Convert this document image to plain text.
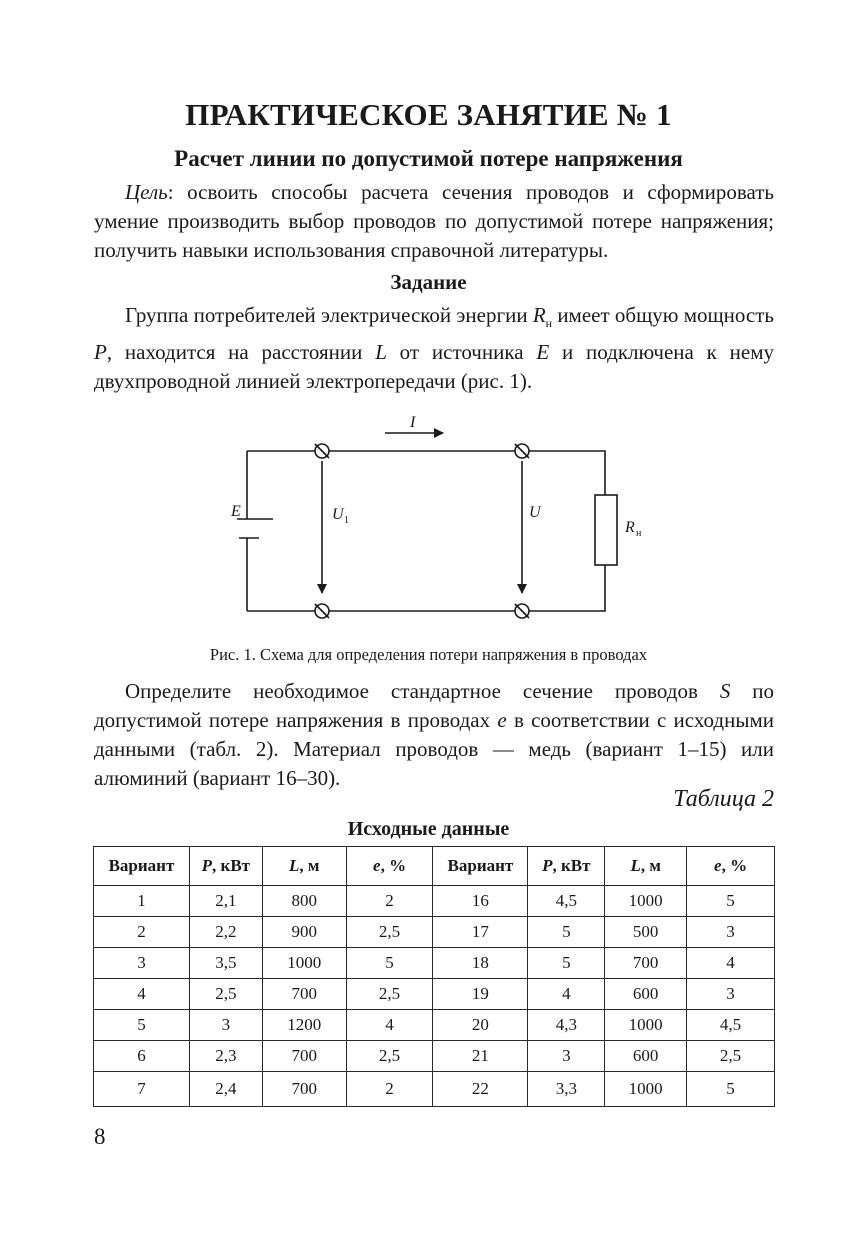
ПРАКТИЧЕСКОЕ ЗАНЯТИЕ № 1
Расчет линии по допустимой потере напряжения

Цель: освоить способы расчета сечения проводов и сформировать умение производить выбор проводов по допустимой потере напряжения; получить навыки использования справочной литературы.

Задание

Группа потребителей электрической энергии $R_н$ имеет общую мощность P, находится на расстоянии L от источника E и подключена к нему двухпроводной линией электропередачи (рис. 1).

I
E	U 1	U
R н

Рис. 1. Схема для определения потери напряжения в проводах

Определите необходимое стандартное сечение проводов S по допустимой потере напряжения в проводах e в соответствии с исходными данными (табл. 2). Материал проводов — медь (вариант 1–15) или алюминий (вариант 16–30).

Таблица 2

Исходные данные

Вариант	P, кВт	L, м	e, %	Вариант	P, кВт	L, м	e, %
1	2,1	800	2	16	4,5	1000	5
2	2,2	900	2,5	17	5	500	3
3	3,5	1000	5	18	5	700	4
4	2,5	700	2,5	19	4	600	3
5	3	1200	4	20	4,3	1000	4,5
6	2,3	700	2,5	21	3	600	2,5
7	2,4	700	2	22	3,3	1000	5

8
